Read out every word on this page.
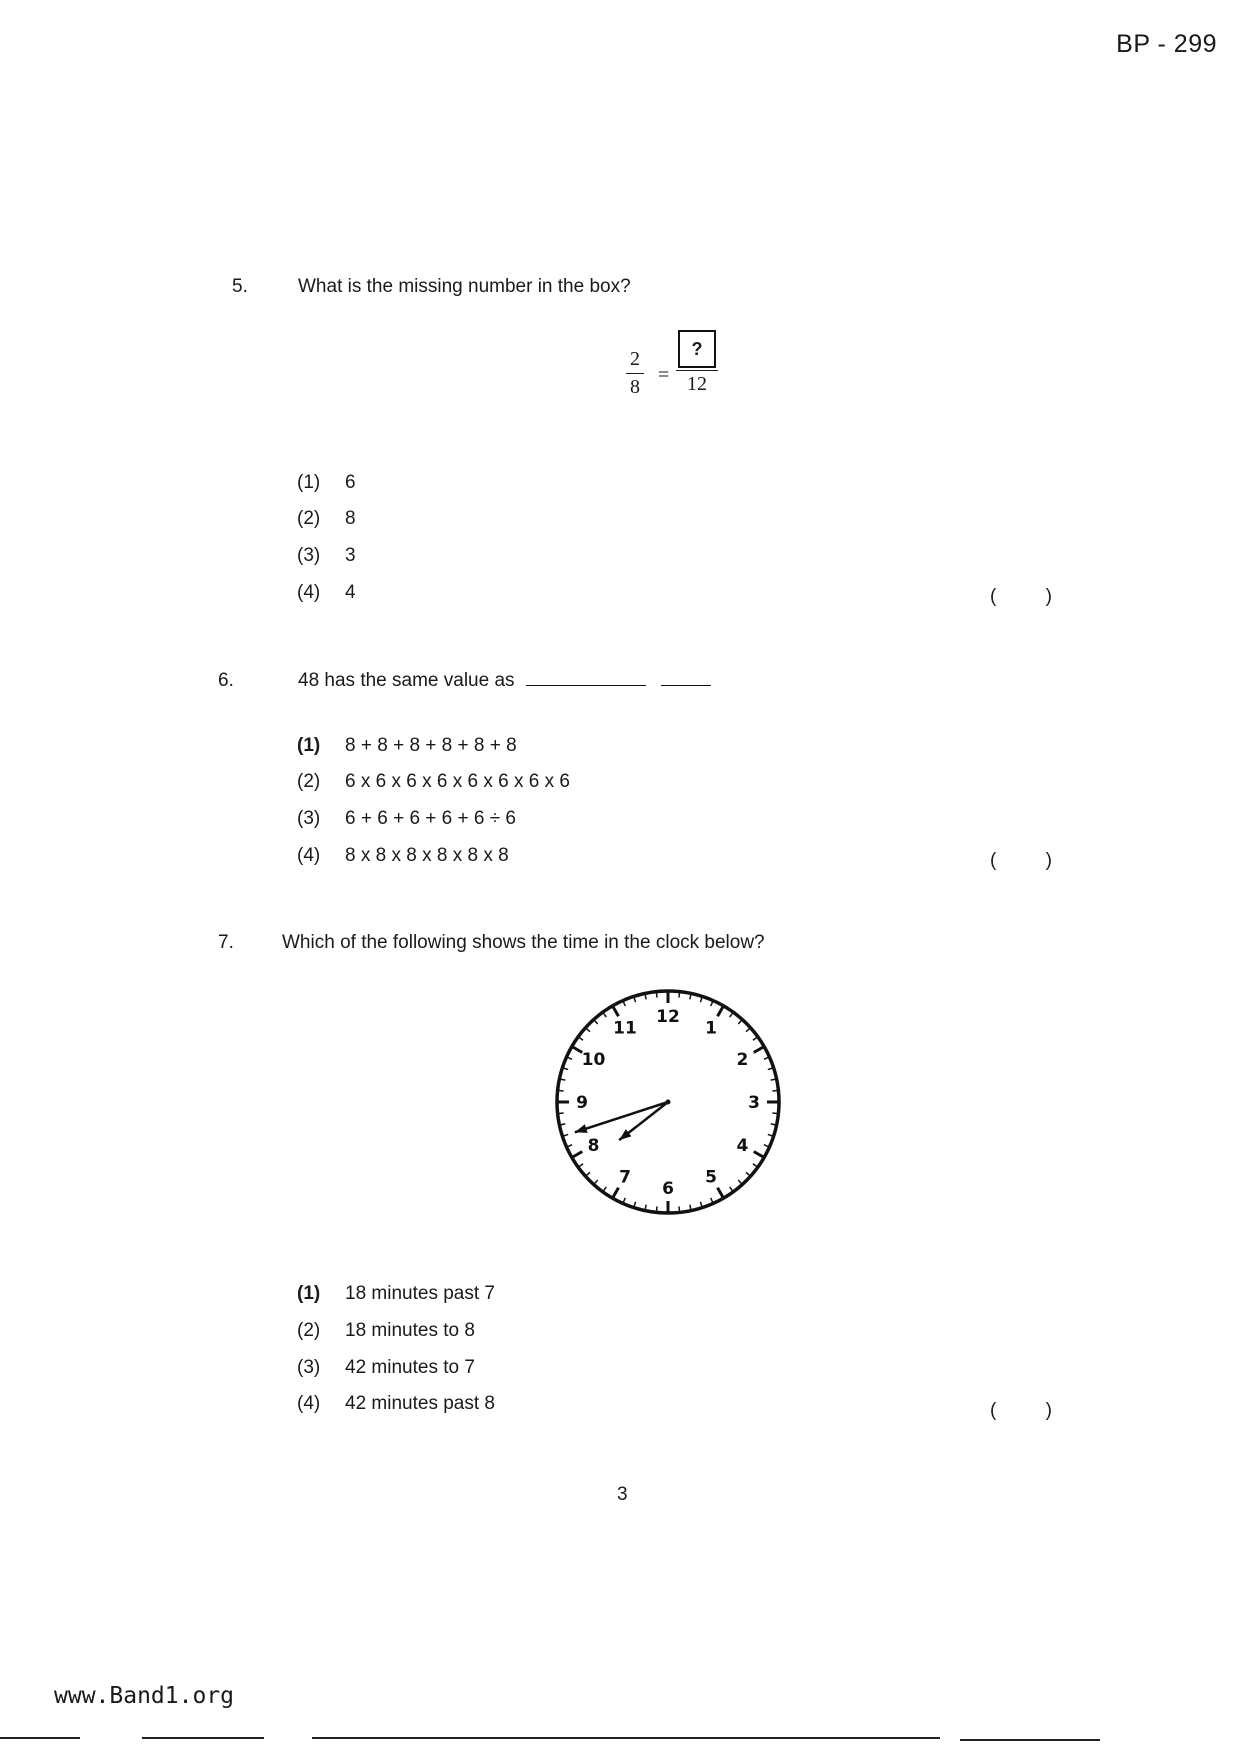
BP - 299
5.	What is the missing number in the box?
$\frac{2}{8}$ =
?
12
(1) 6
(2) 8
(3) 3
(4) 4	( )
6.	48 has the same value as
(1) 8 + 8 + 8 + 8 + 8 + 8
(2) 6 x 6 x 6 x 6 x 6 x 6 x 6 x 6
(3) 6 + 6 + 6 + 6 + 6 ÷ 6
(4) 8 x 8 x 8 x 8 x 8 x 8	( )
7.	Which of the following shows the time in the clock below?
12
1
2
3
4
5
6
7
8
9
10
11
(1) 18 minutes past 7
(2) 18 minutes to 8
(3) 42 minutes to 7
(4) 42 minutes past 8	( )
3
www.Band1.org
